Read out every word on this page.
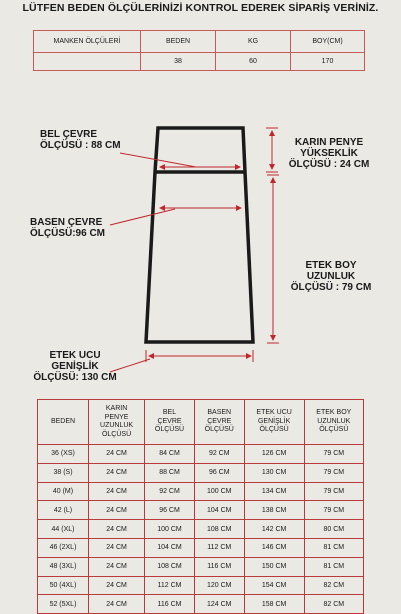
LÜTFEN BEDEN ÖLÇÜLERİNİZİ KONTROL EDEREK SİPARİŞ VERİNİZ.
MANKEN ÖLÇÜLERİ	BEDEN	KG	BOY(CM)
	38	60	170
BEL ÇEVRE
ÖLÇÜSÜ : 88 CM
BASEN ÇEVRE
ÖLÇÜSÜ:96 CM
KARIN PENYE
YÜKSEKLİK
ÖLÇÜSÜ : 24 CM
ETEK BOY UZUNLUK
ÖLÇÜSÜ : 79 CM
ETEK UCU
GENİŞLİK
ÖLÇÜSÜ: 130 CM
BEDEN	KARIN
PENYE
UZUNLUK
ÖLÇÜSÜ	BEL
ÇEVRE
ÖLÇÜSÜ	BASEN
ÇEVRE
ÖLÇÜSÜ	ETEK UCU
GENİŞLİK
ÖLÇÜSÜ	ETEK BOY
UZUNLUK
ÖLÇÜSÜ

36 (XS)	24 CM	84 CM	92 CM	126 CM	79 CM
38 (S)	24 CM	88 CM	96 CM	130 CM	79 CM
40 (M)	24 CM	92 CM	100 CM	134 CM	79 CM
42 (L)	24 CM	96 CM	104 CM	138 CM	79 CM
44 (XL)	24 CM	100 CM	108 CM	142 CM	80 CM
46 (2XL)	24 CM	104 CM	112 CM	146 CM	81 CM
48 (3XL)	24 CM	108 CM	116 CM	150 CM	81 CM
50 (4XL)	24 CM	112 CM	120 CM	154 CM	82 CM
52 (5XL)	24 CM	116 CM	124 CM	158 CM	82 CM
